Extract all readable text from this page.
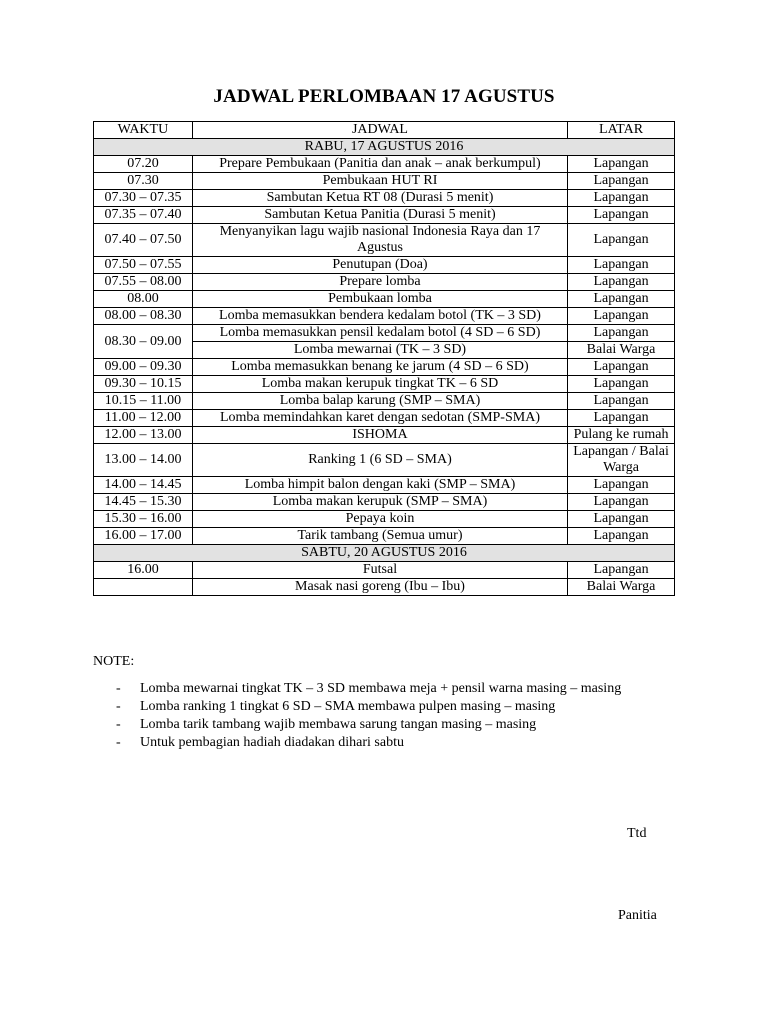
JADWAL PERLOMBAAN 17 AGUSTUS
WAKTU	JADWAL	LATAR
RABU, 17 AGUSTUS 2016		
07.20	Prepare Pembukaan (Panitia dan anak – anak berkumpul)	Lapangan
07.30	Pembukaan HUT RI	Lapangan
07.30 – 07.35	Sambutan Ketua RT 08 (Durasi 5 menit)	Lapangan
07.35 – 07.40	Sambutan Ketua Panitia (Durasi 5 menit)	Lapangan
07.40 – 07.50	Menyanyikan lagu wajib nasional Indonesia Raya dan 17 Agustus	Lapangan
07.50 – 07.55	Penutupan (Doa)	Lapangan
07.55 – 08.00	Prepare lomba	Lapangan
08.00	Pembukaan lomba	Lapangan
08.00 – 08.30	Lomba memasukkan bendera kedalam botol (TK – 3 SD)	Lapangan
08.30 – 09.00	Lomba memasukkan pensil kedalam botol (4 SD – 6 SD)	Lapangan
	Lomba mewarnai (TK – 3 SD)	Balai Warga
09.00 – 09.30	Lomba memasukkan benang ke jarum (4 SD – 6 SD)	Lapangan
09.30 – 10.15	Lomba makan kerupuk tingkat TK – 6 SD	Lapangan
10.15 – 11.00	Lomba balap karung (SMP – SMA)	Lapangan
11.00 – 12.00	Lomba memindahkan karet dengan sedotan (SMP-SMA)	Lapangan
12.00 – 13.00	ISHOMA	Pulang ke rumah
13.00 – 14.00	Ranking 1 (6 SD – SMA)	Lapangan / Balai Warga
14.00 – 14.45	Lomba himpit balon dengan kaki (SMP – SMA)	Lapangan
14.45 – 15.30	Lomba makan kerupuk (SMP – SMA)	Lapangan
15.30 – 16.00	Pepaya koin	Lapangan
16.00 – 17.00	Tarik tambang (Semua umur)	Lapangan
SABTU, 20 AGUSTUS 2016		
16.00	Futsal	Lapangan
	Masak nasi goreng (Ibu – Ibu)	Balai Warga
NOTE:
- Lomba mewarnai tingkat TK – 3 SD membawa meja + pensil warna masing – masing
- Lomba ranking 1 tingkat 6 SD – SMA membawa pulpen masing – masing
- Lomba tarik tambang wajib membawa sarung tangan masing – masing
- Untuk pembagian hadiah diadakan dihari sabtu
Ttd
Panitia
